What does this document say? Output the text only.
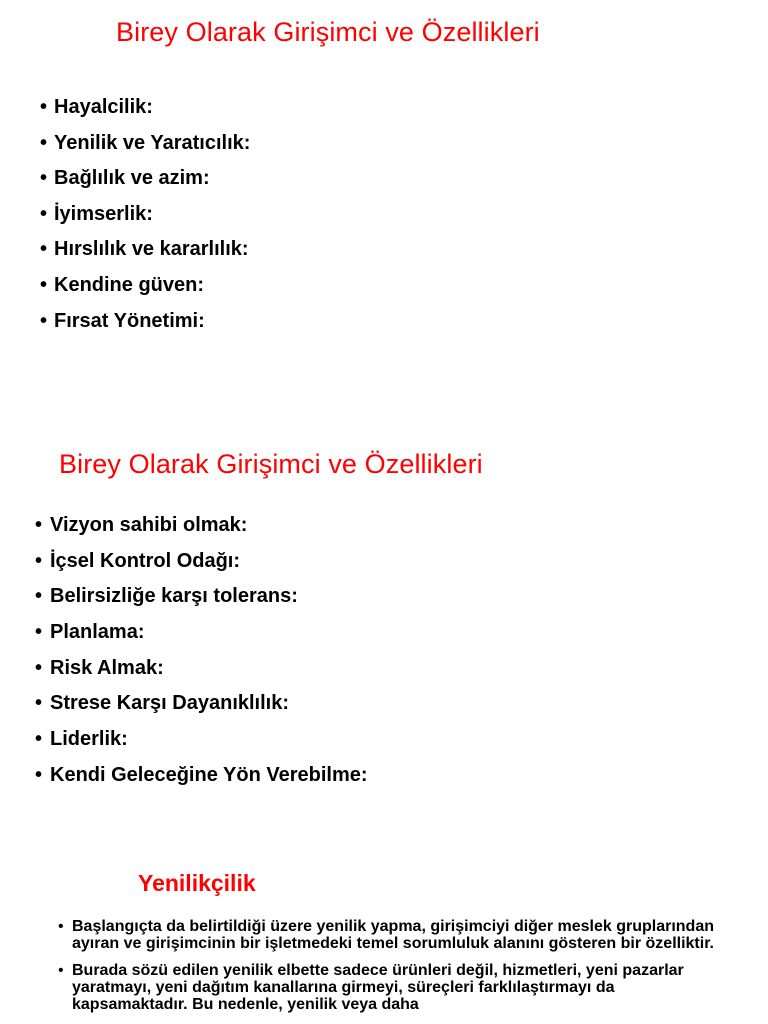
Birey Olarak Girişimci ve Özellikleri
• Hayalcilik:
• Yenilik ve Yaratıcılık:
• Bağlılık ve azim:
• İyimserlik:
• Hırslılık ve kararlılık:
• Kendine güven:
• Fırsat Yönetimi:
Birey Olarak Girişimci ve Özellikleri
• Vizyon sahibi olmak:
• İçsel Kontrol Odağı:
• Belirsizliğe karşı tolerans:
• Planlama:
• Risk Almak:
• Strese Karşı Dayanıklılık:
• Liderlik:
• Kendi Geleceğine Yön Verebilme:
Yenilikçilik
• Başlangıçta da belirtildiği üzere yenilik yapma, girişimciyi diğer meslek gruplarından ayıran ve girişimcinin bir işletmedeki temel sorumluluk alanını gösteren bir özelliktir.
• Burada sözü edilen yenilik elbette sadece ürünleri değil, hizmetleri, yeni pazarlar yaratmayı, yeni dağıtım kanallarına girmeyi, süreçleri farklılaştırmayı da kapsamaktadır. Bu nedenle, yenilik veya daha
